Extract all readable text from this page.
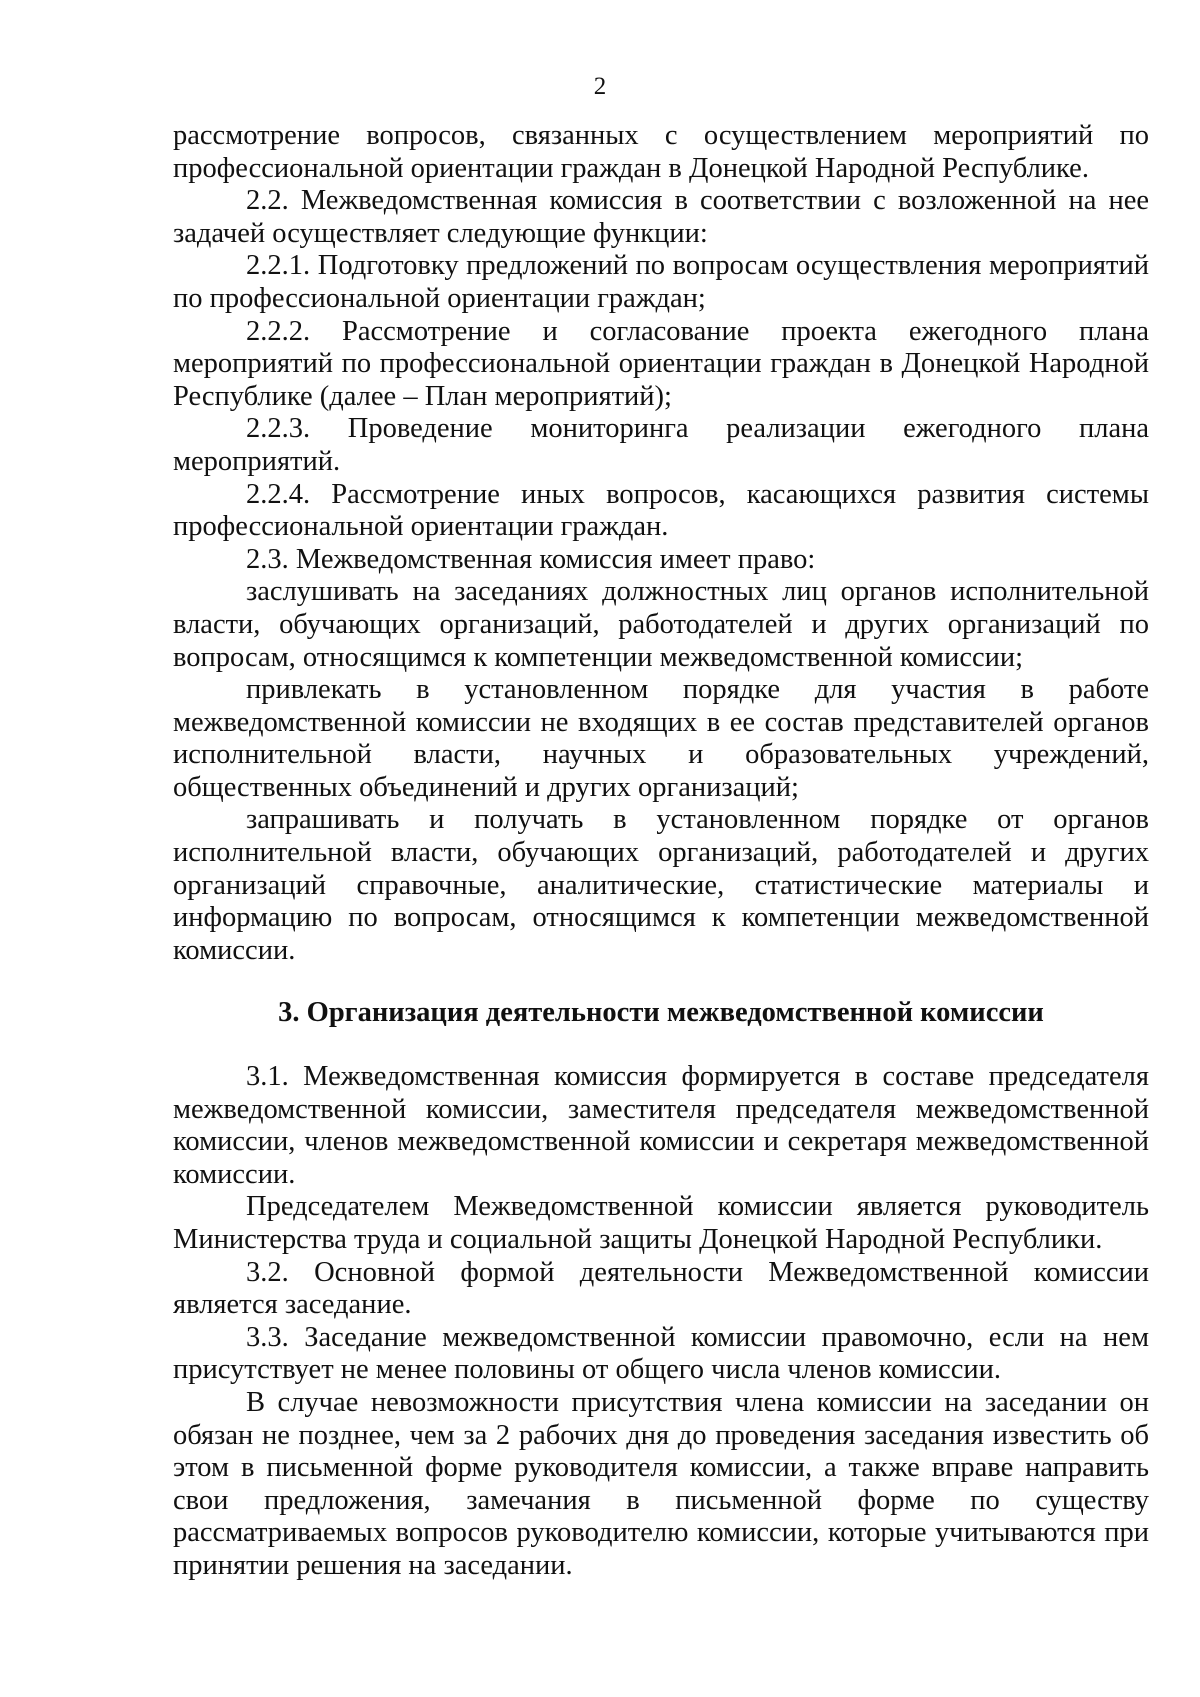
2

рассмотрение вопросов, связанных с осуществлением мероприятий по профессиональной ориентации граждан в Донецкой Народной Республике.

2.2. Межведомственная комиссия в соответствии с возложенной на нее задачей осуществляет следующие функции:

2.2.1. Подготовку предложений по вопросам осуществления мероприятий по профессиональной ориентации граждан;

2.2.2. Рассмотрение и согласование проекта ежегодного плана мероприятий по профессиональной ориентации граждан в Донецкой Народной Республике (далее – План мероприятий);

2.2.3. Проведение мониторинга реализации ежегодного плана мероприятий.

2.2.4. Рассмотрение иных вопросов, касающихся развития системы профессиональной ориентации граждан.

2.3. Межведомственная комиссия имеет право:

заслушивать на заседаниях должностных лиц органов исполнительной власти, обучающих организаций, работодателей и других организаций по вопросам, относящимся к компетенции межведомственной комиссии;

привлекать в установленном порядке для участия в работе межведомственной комиссии не входящих в ее состав представителей органов исполнительной власти, научных и образовательных учреждений, общественных объединений и других организаций;

запрашивать и получать в установленном порядке от органов исполнительной власти, обучающих организаций, работодателей и других организаций справочные, аналитические, статистические материалы и информацию по вопросам, относящимся к компетенции межведомственной комиссии.

3. Организация деятельности межведомственной комиссии

3.1. Межведомственная комиссия формируется в составе председателя межведомственной комиссии, заместителя председателя межведомственной комиссии, членов межведомственной комиссии и секретаря межведомственной комиссии.

Председателем Межведомственной комиссии является руководитель Министерства труда и социальной защиты Донецкой Народной Республики.

3.2. Основной формой деятельности Межведомственной комиссии является заседание.

3.3. Заседание межведомственной комиссии правомочно, если на нем присутствует не менее половины от общего числа членов комиссии.

В случае невозможности присутствия члена комиссии на заседании он обязан не позднее, чем за 2 рабочих дня до проведения заседания известить об этом в письменной форме руководителя комиссии, а также вправе направить свои предложения, замечания в письменной форме по существу рассматриваемых вопросов руководителю комиссии, которые учитываются при принятии решения на заседании.
